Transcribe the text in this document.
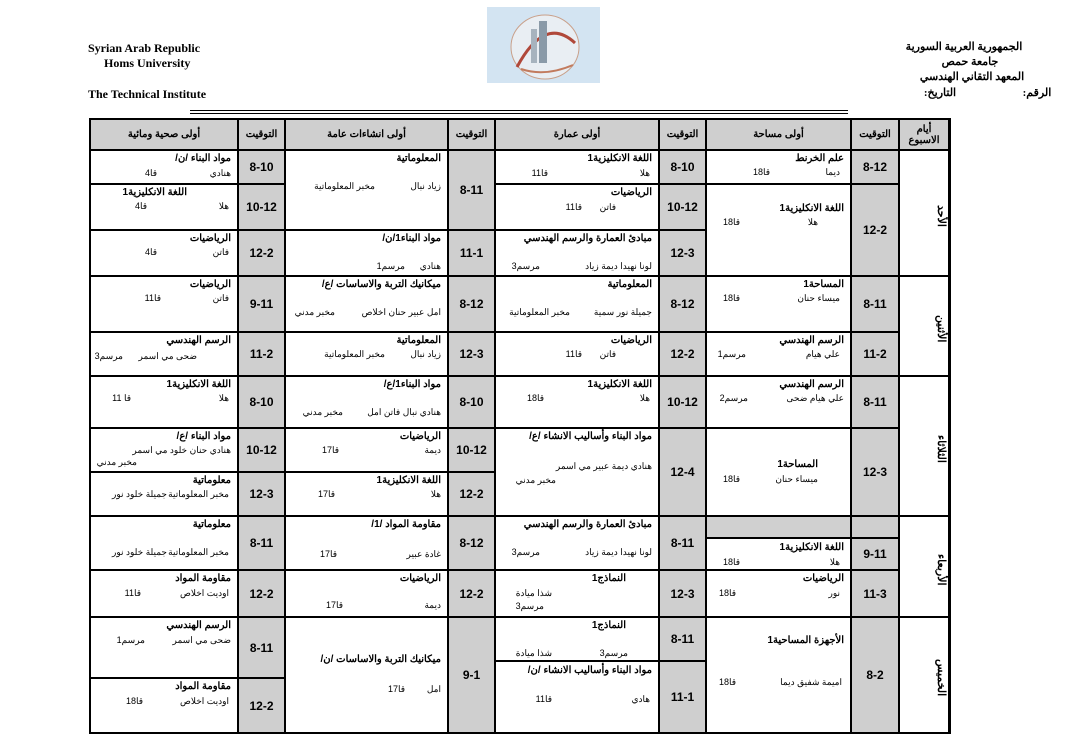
Syrian Arab Republic
Homs University
The Technical Institute
الجمهورية العربية السورية
جامعة حمص
المعهد التقاني الهندسي
التاريخ:	الرقم:
أيام الاسبوع
التوقيت
أولى مساحة
التوقيت
أولى عمارة
التوقيت
أولى انشاءات عامة
التوقيت
أولى صحية ومائية
الأحد
الأثنين
الثلاثاء
الأربعاء
الخميس
8-12
علم الخرنط
ديما
قا18
12-2
اللغة الانكليزية1
هلا
قا18
8-11
المساحة1
ميساء حنان
قا18
11-2
الرسم الهندسي
علي هيام
مرسم1
8-11
الرسم الهندسي
علي هيام ضحى
مرسم2
12-3
المساحة1
ميساء حنان
قا18
9-11
اللغة الانكليزية1
هلا
قا18
11-3
الرياضيات
نور
قا18
8-2
الأجهزة المساحية1
اميمة شفيق ديما
قا18
8-10
اللغة الانكليزية1
هلا
قا11
10-12
الرياضيات
فاتن
قا11
12-3
مبادئ العمارة والرسم الهندسي
لونا نهيدا ديمة زياد
مرسم3
8-12
المعلوماتية
جميلة نور سمية
مخبر المعلوماتية
12-2
الرياضيات
فاتن
قا11
10-12
اللغة الانكليزية1
هلا
قا18
12-4
مواد البناء وأساليب الانشاء /ع/
هنادي ديمة عبير مي اسمر
مخبر مدني
8-11
مبادئ العمارة والرسم الهندسي
لونا نهيدا ديمة زياد
مرسم3
12-3
النماذج1
شذا ميادة
مرسم3
8-11
النماذج1
شذا ميادة	مرسم3
11-1
مواد البناء وأساليب الانشاء /ن/
هادي
قا11
8-11
المعلوماتية
زياد نبال
مخبر المعلوماتية
11-1
مواد البناء1/ن/
هنادي
مرسم1
8-12
ميكانيك التربة والاساسات /ع/
امل عبير حنان اخلاص
مخبر مدني
12-3
المعلوماتية
زياد نبال
مخبر المعلوماتية
8-10
مواد البناء1/ع/
هنادي نبال فاتن امل
مخبر مدني
10-12
الرياضيات
ديمة
قا17
12-2
اللغة الانكليزية1
هلا
قا17
8-12
مقاومة المواد /1/
غادة عبير
قا17
12-2
الرياضيات
ديمة
قا17
9-1
ميكانيك التربة والاساسات /ن/
امل
قا17
8-10
مواد البناء /ن/
هنادي
قا4
10-12
اللغة الانكليزية1
هلا
قا4
12-2
الرياضيات
فاتن
قا4
9-11
الرياضيات
فاتن
قا11
11-2
الرسم الهندسي
ضحى مي اسمر
مرسم3
8-10
اللغة الانكليزية1
هلا
قا 11
10-12
مواد البناء /ع/
هنادي حنان خلود مي اسمر
مخبر مدني
12-3
معلوماتية
جميلة خلود نور مخبر المعلوماتية
8-11
معلوماتية
جميلة خلود نور مخبر المعلوماتية
12-2
مقاومة المواد
اوديت اخلاص
قا11
8-11
الرسم الهندسي
ضحى مي اسمر
مرسم1
12-2
مقاومة المواد
اوديت اخلاص
قا18
